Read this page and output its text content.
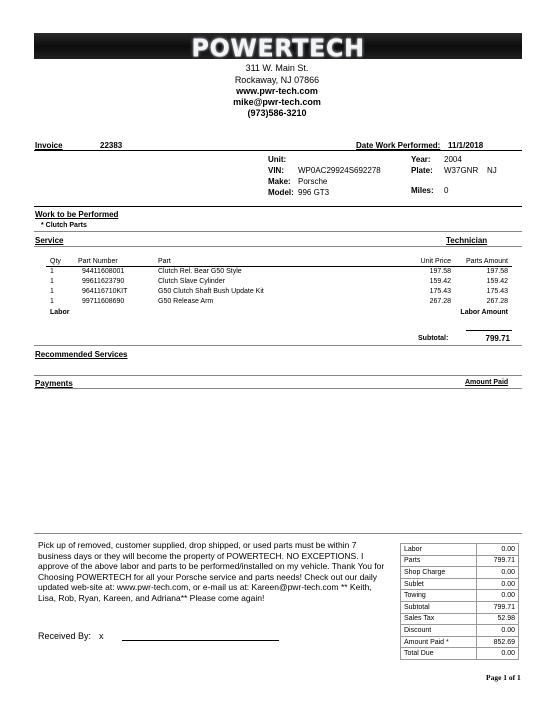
POWERTECH
311 W. Main St.
Rockaway, NJ 07866
www.pwr-tech.com
mike@pwr-tech.com
(973)586-3210
Invoice	22383	Date Work Performed: 11/1/2018
Unit:
VIN: WP0AC29924S692278
Make: Porsche
Model: 996 GT3
Year: 2004
Plate: W37GNR NJ
Miles: 0
Work to be Performed
* Clutch Parts
Service	Technician
Qty Part Number	Part	Unit Price	Parts Amount
1	94411608001	Clutch Rel. Bear G50 Style	197.58	197.58
1	99611623790	Clutch Slave Cylinder	159.42	159.42
1	964116710KIT	G50 Clutch Shaft Bush Update Kit	175.43	175.43
1	99711608690	G50 Release Arm	267.28	267.28
Labor	Labor Amount
Subtotal:	799.71
Recommended Services
Payments	Amount Paid
Pick up of removed, customer supplied, drop shipped, or used parts must be within 7 business days or they will become the property of POWERTECH. NO EXCEPTIONS. I approve of the above labor and parts to be performed/installed on my vehicle. Thank You for Choosing POWERTECH for all your Porsche service and parts needs! Check out our daily updated web-site at: www.pwr-tech.com, or e-mail us at: Kareen@pwr-tech.com ** Keith, Lisa, Rob, Ryan, Kareen, and Adriana** Please come again!
Labor	0.00
Parts	799.71
Shop Charge	0.00
Sublet	0.00
Towing	0.00
Subtotal	799.71
Sales Tax	52.98
Discount	0.00
Amount Paid *	852.69
Total Due	0.00
Received By: x
Page 1 of 1
